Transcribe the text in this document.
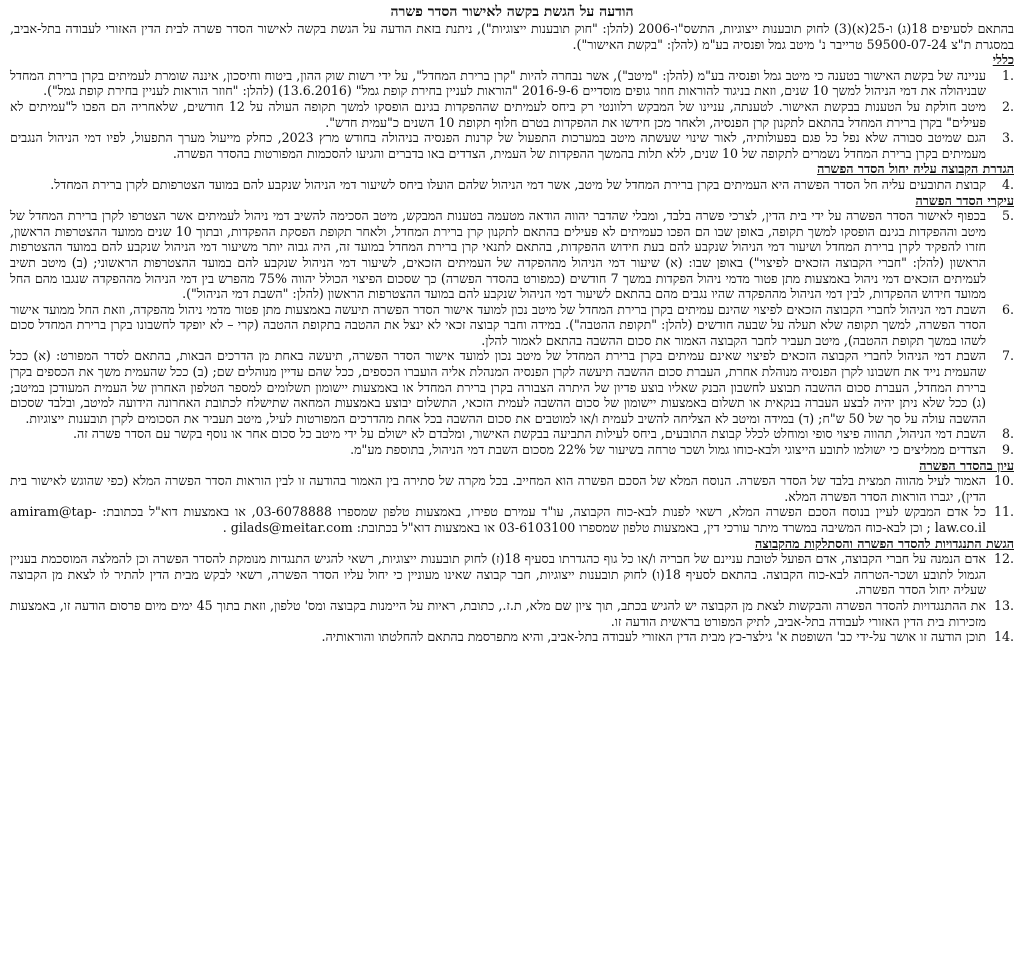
הודעה על הגשת בקשה לאישור הסדר פשרה

בהתאם לסעיפים 18(ג) ו-25(א)(3) לחוק תובענות ייצוגיות, התשס"ו-2006 (להלן: "חוק תובענות ייצוגיות"), ניתנת בזאת הודעה על הגשת בקשה לאישור הסדר פשרה לבית הדין האזורי לעבודה בתל-אביב, במסגרת ת"צ 59500-07-24 טרייבר נ' מיטב גמל ופנסיה בע"מ (להלן: "בקשת האישור").

כללי

1.
עניינה של בקשת האישור בטענה כי מיטב גמל ופנסיה בע"מ (להלן: "מיטב"), אשר נבחרה להיות "קרן ברירת המחדל", על ידי רשות שוק ההון, ביטוח וחיסכון, איננה שומרת לעמיתים בקרן ברירת המחדל שבניהולה את דמי הניהול למשך 10 שנים, וזאת בניגוד להוראות חוזר גופים מוסדיים 2016-9-6 "הוראות לעניין בחירת קופת גמל" (13.6.2016) (להלן: "חוזר הוראות לעניין בחירת קופת גמל").
2.
מיטב חולקת על הטענות בבקשת האישור. לטענתה, עניינו של המבקש רלוונטי רק ביחס לעמיתים שההפקדות בגינם הופסקו למשך תקופה העולה על 12 חודשים, שלאחריה הם הפכו ל"עמיתים לא פעילים" בקרן ברירת המחדל בהתאם לתקנון קרן הפנסיה, ולאחר מכן חידשו את ההפקדות בטרם חלוף תקופת 10 השנים כ"עמית חדש".
3.
הגם שמיטב סבורה שלא נפל כל פגם בפעולותיה, לאור שינוי שעשתה מיטב במערכות התפעול של קרנות הפנסיה בניהולה בחודש מרץ 2023, כחלק מייעול מערך התפעול, לפיו דמי הניהול הנגבים מעמיתים בקרן ברירת המחדל נשמרים לתקופה של 10 שנים, ללא תלות בהמשך ההפקדות של העמית, הצדדים באו בדברים והגיעו להסכמות המפורטות בהסדר הפשרה.

הגדרת הקבוצה עליה יחול הסדר הפשרה

4.
קבוצת התובעים עליה חל הסדר הפשרה היא העמיתים בקרן ברירת המחדל של מיטב, אשר דמי הניהול שלהם הועלו ביחס לשיעור דמי הניהול שנקבע להם במועד הצטרפותם לקרן ברירת המחדל.

עיקרי הסדר הפשרה

5.
בכפוף לאישור הסדר הפשרה על ידי בית הדין, לצרכי פשרה בלבד, ומבלי שהדבר יהווה הודאה מטעמה בטענות המבקש, מיטב הסכימה להשיב דמי ניהול לעמיתים אשר הצטרפו לקרן ברירת המחדל של מיטב וההפקדות בגינם הופסקו למשך תקופה, באופן שבו הם הפכו כעמיתים לא פעילים בהתאם לתקנון קרן ברירת המחדל, ולאחר תקופת הפסקת ההפקדות, ובתוך 10 שנים ממועד ההצטרפות הראשון, חזרו להפקיד לקרן ברירת המחדל ושיעור דמי הניהול שנקבע להם בעת חידוש ההפקדות, בהתאם לתנאי קרן ברירת המחדל במועד זה, היה גבוה יותר משיעור דמי הניהול שנקבע להם במועד ההצטרפות הראשון (להלן: "חברי הקבוצה הזכאים לפיצוי") באופן שבו: (א) שיעור דמי הניהול מההפקדה של העמיתים הזכאים, לשיעור דמי הניהול שנקבע להם במועד ההצטרפות הראשוני; (ב) מיטב תשיב לעמיתים הזכאים דמי ניהול באמצעות מתן פטור מדמי ניהול הפקדות במשך 7 חודשים (כמפורט בהסדר הפשרה) כך שסכום הפיצוי הכולל יהווה 75% מהפרש בין דמי הניהול מההפקדה שנגבו מהם החל ממועד חידוש ההפקדות, לבין דמי הניהול מההפקדה שהיו נגבים מהם בהתאם לשיעור דמי הניהול שנקבע להם במועד ההצטרפות הראשון (להלן: "השבת דמי הניהול").
6.
השבת דמי הניהול לחברי הקבוצה הזכאים לפיצוי שהינם עמיתים בקרן ברירת המחדל של מיטב נכון למועד אישור הסדר הפשרה תיעשה באמצעות מתן פטור מדמי ניהול מהפקדה, וזאת החל ממועד אישור הסדר הפשרה, למשך תקופה שלא תעלה על שבעה חודשים (להלן: "תקופת ההטבה"). במידה וחבר קבוצה זכאי לא ינצל את ההטבה בתקופת ההטבה (קרי – לא יופקד לחשבונו בקרן ברירת המחדל סכום לשהו במשך תקופת ההטבה), מיטב תעביר לחבר הקבוצה האמור את סכום ההשבה בהתאם לאמור להלן.
7.
השבת דמי הניהול לחברי הקבוצה הזכאים לפיצוי שאינם עמיתים בקרן ברירת המחדל של מיטב נכון למועד אישור הסדר הפשרה, תיעשה באחת מן הדרכים הבאות, בהתאם לסדר המפורט: (א) ככל שהעמית נייד את חשבונו לקרן הפנסיה מנוהלת אחרת, העברת סכום ההשבה תיעשה לקרן הפנסיה המנהלת אליה הועברו הכספים, ככל שהם עדיין מנוהלים שם; (ב) ככל שהעמית משך את הכספים בקרן ברירת המחדל, העברת סכום ההשבה תבוצע לחשבון הבנק שאליו בוצע פדיון של היתרה הצבורה בקרן ברירת המחדל או באמצעות יישומון תשלומים למספר הטלפון האחרון של העמית המעודכן במיטב; (ג) ככל שלא ניתן יהיה לבצע העברה בנקאית או תשלום באמצעות יישומון של סכום ההשבה לעמית הזכאי, התשלום יבוצע באמצעות המחאה שתישלח לכתובת האחרונה הידועה למיטב, ובלבד שסכום ההשבה עולה על סך של 50 ש"ח; (ד) במידה ומיטב לא הצליחה להשיב לעמית ו/או למוטבים את סכום ההשבה בכל אחת מהדרכים המפורטות לעיל, מיטב תעביר את הסכומים לקרן תובענות ייצוגיות.
8.
השבת דמי הניהול, תהווה פיצוי סופי ומוחלט לכלל קבוצת התובעים, ביחס לעילות התביעה בבקשת האישור, ומלבדם לא ישולם על ידי מיטב כל סכום אחר או נוסף בקשר עם הסדר פשרה זה.
9.
הצדדים ממליצים כי ישולמו לתובע הייצוגי ולבא-כוחו גמול ושכר טרחה בשיעור של 22% מסכום השבת דמי הניהול, בתוספת מע"מ.

עיון בהסדר הפשרה

10.
האמור לעיל מהווה תמצית בלבד של הסדר הפשרה. הנוסח המלא של הסכם הפשרה הוא המחייב. בכל מקרה של סתירה בין האמור בהודעה זו לבין הוראות הסדר הפשרה המלא (כפי שהוגש לאישור בית הדין), יגברו הוראות הסדר הפשרה המלא.
11.
כל אדם המבקש לעיין בנוסח הסכם הפשרה המלא, רשאי לפנות לבא-כוח הקבוצה, עו"ד עמירם טפירו, באמצעות טלפון שמספרו 03-6078888, או באמצעות דוא"ל בכתובת: amiram@tap-law.co.il ; וכן לבא-כוח המשיבה במשרד מיתר עורכי דין, באמצעות טלפון שמספרו 03-6103100 או באמצעות דוא"ל בכתובת: gilads@meitar.com .

הגשת התנגדויות להסדר הפשרה והסתלקות מהקבוצה

12.
אדם הנמנה על חברי הקבוצה, אדם הפועל לטובת עניינם של חבריה ו/או כל גוף כהגדרתו בסעיף 18(ז) לחוק תובענות ייצוגיות, רשאי להגיש התנגדות מנומקת להסדר הפשרה וכן להמלצה המוסכמת בעניין הגמול לתובע ושכר-הטרחה לבא-כוח הקבוצה. בהתאם לסעיף 18(ו) לחוק תובענות ייצוגיות, חבר קבוצה שאינו מעוניין כי יחול עליו הסדר הפשרה, רשאי לבקש מבית הדין להתיר לו לצאת מן הקבוצה שעליה יחול הסדר הפשרה.
13.
את ההתנגדויות להסדר הפשרה והבקשות לצאת מן הקבוצה יש להגיש בכתב, תוך ציון שם מלא, ת.ז., כתובת, ראיות על היימנות בקבוצה ומס' טלפון, וזאת בתוך 45 ימים מיום פרסום הודעה זו, באמצעות מזכירות בית הדין האזורי לעבודה בתל-אביב, לתיק המפורט בראשית הודעה זו.
14.
תוכן הודעה זו אושר על-ידי כב' השופטת א' גילצר-כץ מבית הדין האזורי לעבודה בתל-אביב, והיא מתפרסמת בהתאם להחלטתו והוראותיה.
